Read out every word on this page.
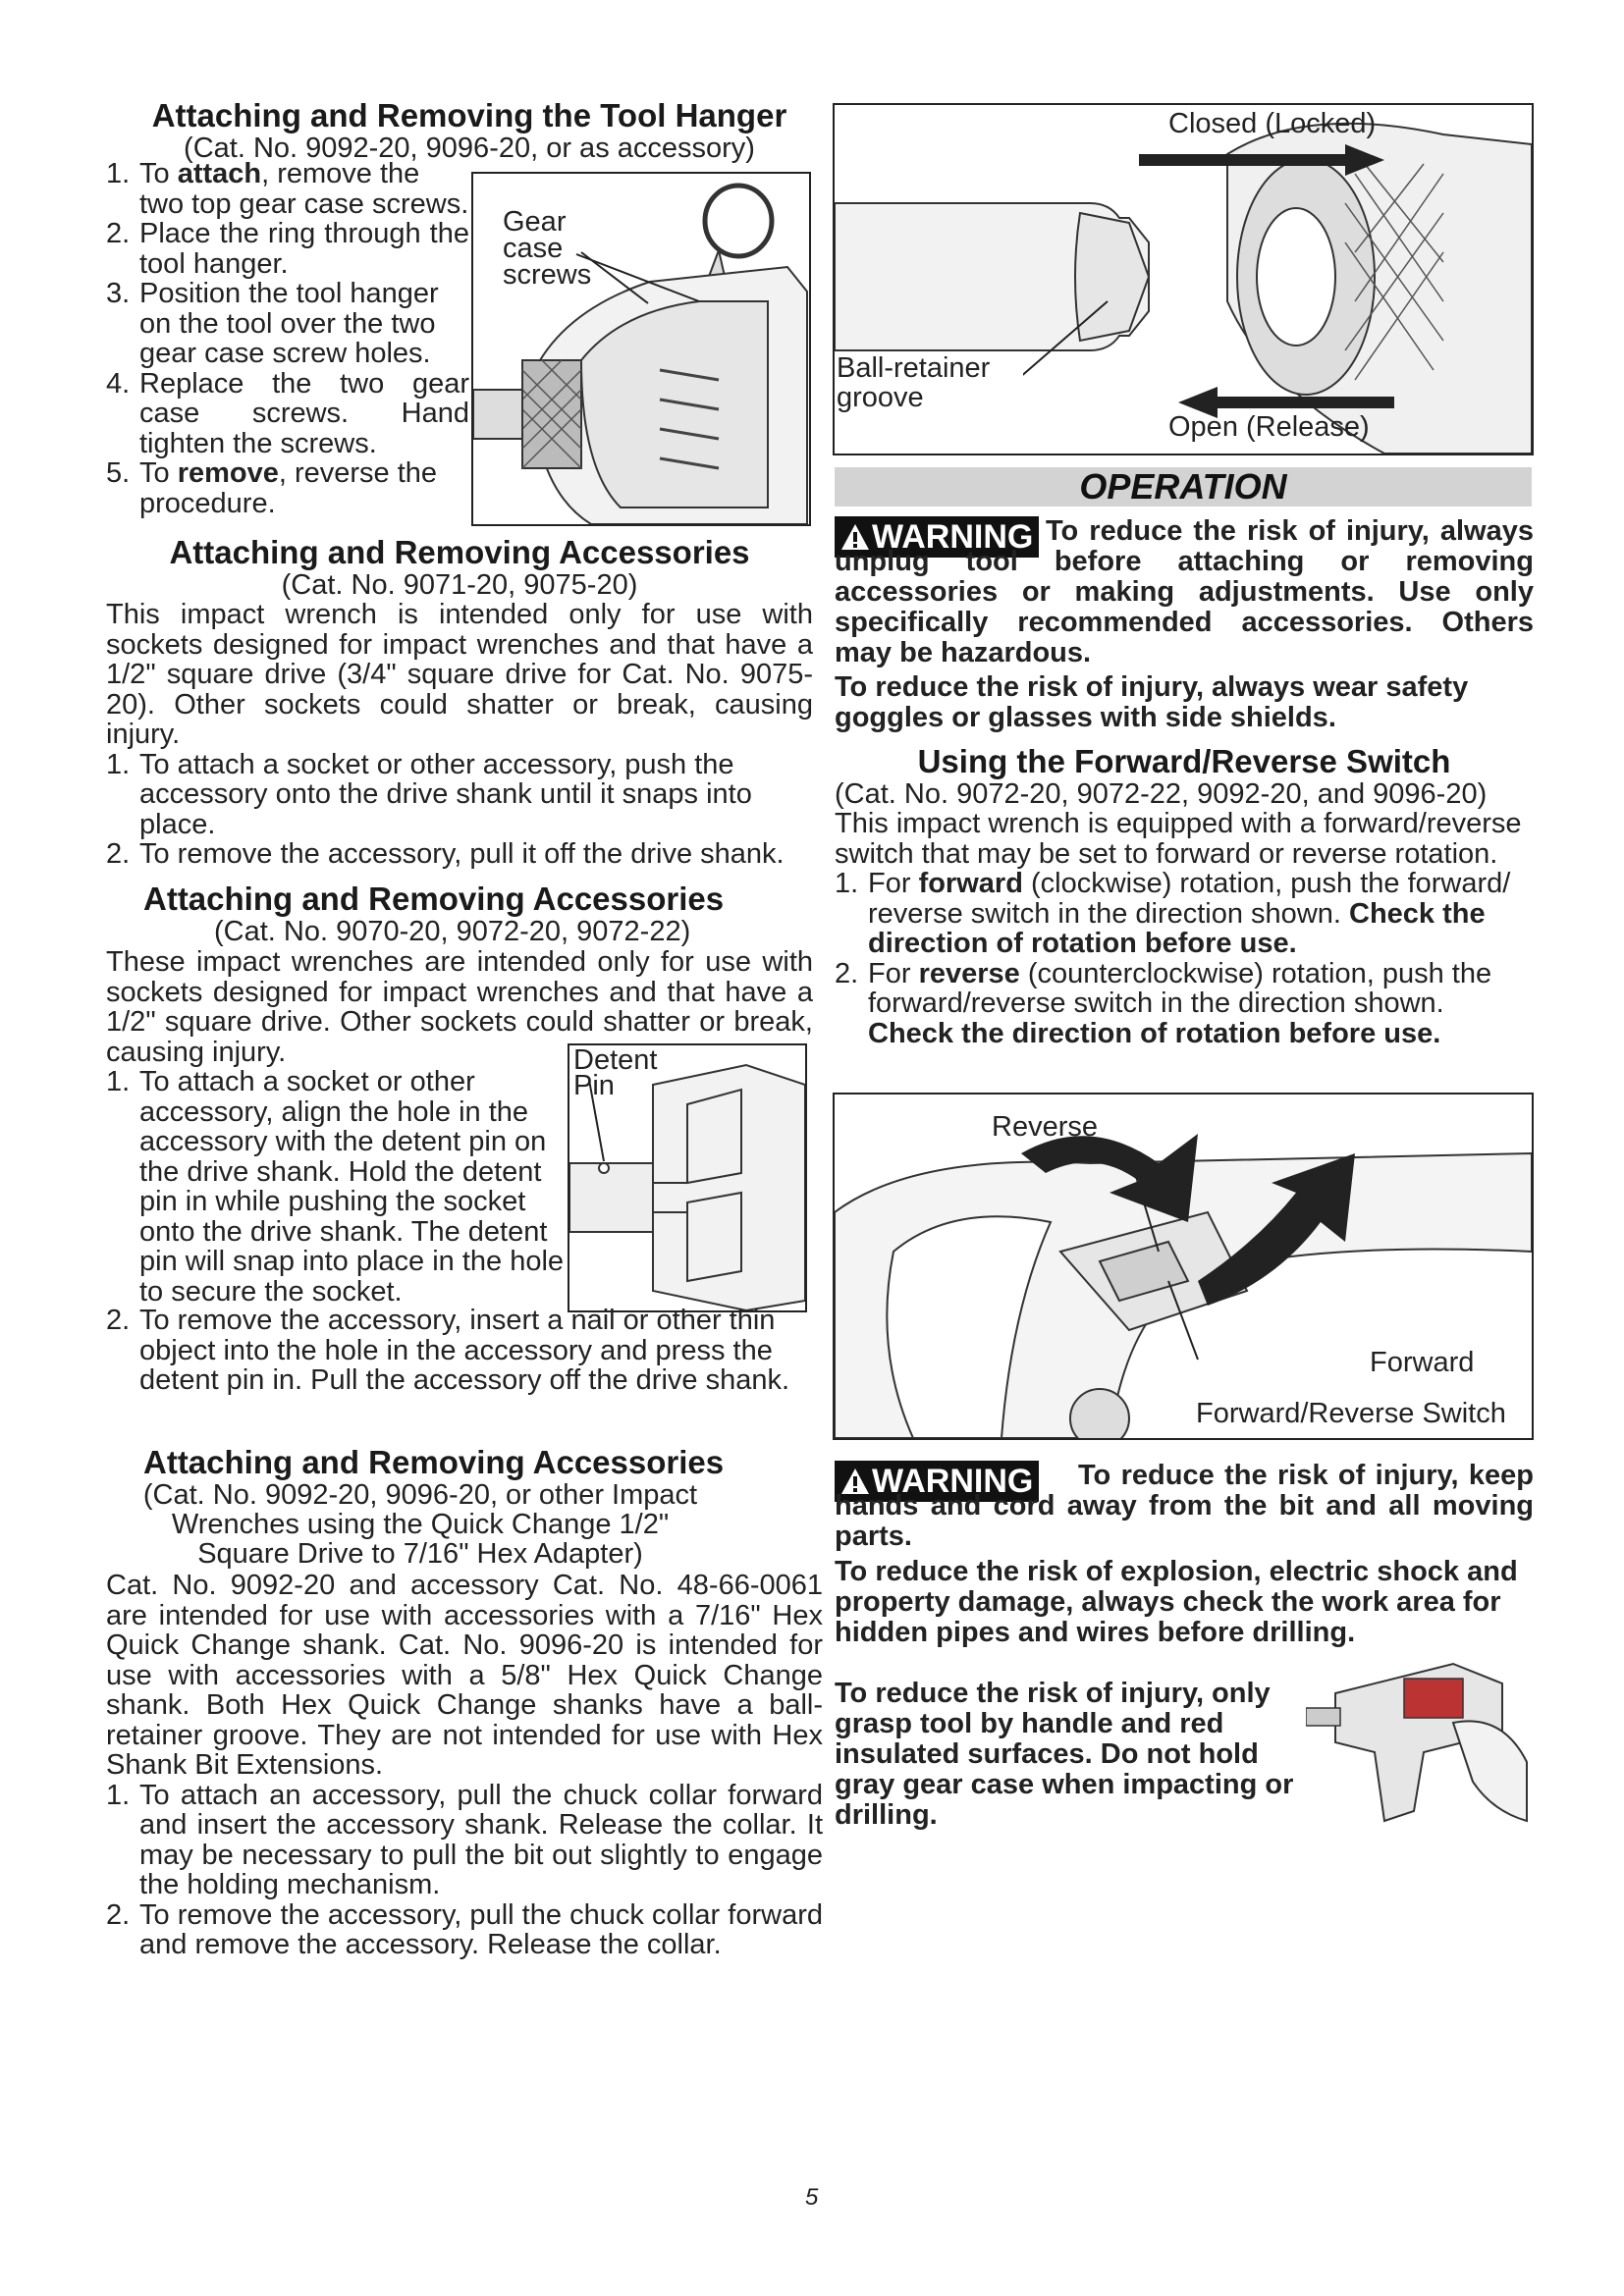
Attaching and Removing the Tool Hanger
(Cat. No. 9092-20, 9096-20, or as accessory)
1. To attach, remove the two top gear case screws.
2. Place the ring through the tool hanger.
3. Position the tool hanger on the tool over the two gear case screw holes.
4. Replace the two gear case screws. Hand tighten the screws.
5. To remove, reverse the procedure.
Gear case screws
Attaching and Removing Accessories
(Cat. No. 9071-20, 9075-20)

This impact wrench is intended only for use with sockets designed for impact wrenches and that have a 1/2" square drive (3/4" square drive for Cat. No. 9075-20). Other sockets could shatter or break, causing injury.

1. To attach a socket or other accessory, push the accessory onto the drive shank until it snaps into place.
2. To remove the accessory, pull it off the drive shank.
Attaching and Removing Accessories
(Cat. No. 9070-20, 9072-20, 9072-22)

These impact wrenches are intended only for use with sockets designed for impact wrenches and that have a 1/2" square drive. Other sockets could shatter or break, causing injury.

1. To attach a socket or other accessory, align the hole in the accessory with the detent pin on the drive shank. Hold the detent pin in while pushing the socket onto the drive shank. The detent pin will snap into place in the hole to secure the socket.
Detent Pin
2. To remove the accessory, insert a nail or other thin object into the hole in the accessory and press the detent pin in. Pull the accessory off the drive shank.
Attaching and Removing Accessories
(Cat. No. 9092-20, 9096-20, or other Impact Wrenches using the Quick Change 1/2" Square Drive to 7/16" Hex Adapter)

Cat. No. 9092-20 and accessory Cat. No. 48-66-0061 are intended for use with accessories with a 7/16" Hex Quick Change shank. Cat. No. 9096-20 is intended for use with accessories with a 5/8" Hex Quick Change shank. Both Hex Quick Change shanks have a ball-retainer groove. They are not intended for use with Hex Shank Bit Extensions.

1. To attach an accessory, pull the chuck collar forward and insert the accessory shank. Release the collar. It may be necessary to pull the bit out slightly to engage the holding mechanism.
2. To remove the accessory, pull the chuck collar forward and remove the accessory. Release the collar.
Closed (Locked)
Ball-retainer groove
Open (Release)
OPERATION
WARNING To reduce the risk of injury, always unplug tool before attaching or removing accessories or making adjustments. Use only specifically recommended accessories. Others may be hazardous.
To reduce the risk of injury, always wear safety goggles or glasses with side shields.
Using the Forward/Reverse Switch
(Cat. No. 9072-20, 9072-22, 9092-20, and 9096-20)

This impact wrench is equipped with a forward/reverse switch that may be set to forward or reverse rotation.

1. For forward (clockwise) rotation, push the forward/ reverse switch in the direction shown. Check the direction of rotation before use.
2. For reverse (counterclockwise) rotation, push the forward/reverse switch in the direction shown. Check the direction of rotation before use.
Reverse
Forward
Forward/Reverse Switch
WARNING	To reduce the risk of injury, keep hands and cord away from the bit and all moving parts.
To reduce the risk of explosion, electric shock and property damage, always check the work area for hidden pipes and wires before drilling.
To reduce the risk of injury, only grasp tool by handle and red insulated surfaces. Do not hold gray gear case when impacting or drilling.
5
